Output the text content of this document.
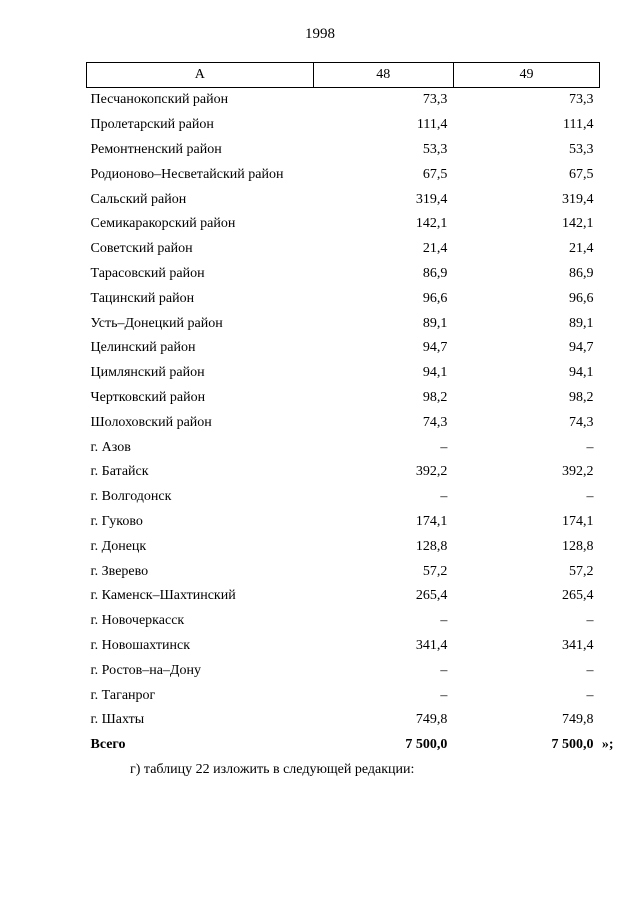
1998
А	48	49
Песчанокопский район	73,3	73,3
Пролетарский район	111,4	111,4
Ремонтненский район	53,3	53,3
Родионово–Несветайский район	67,5	67,5
Сальский район	319,4	319,4
Семикаракорский район	142,1	142,1
Советский район	21,4	21,4
Тарасовский район	86,9	86,9
Тацинский район	96,6	96,6
Усть–Донецкий район	89,1	89,1
Целинский район	94,7	94,7
Цимлянский район	94,1	94,1
Чертковский район	98,2	98,2
Шолоховский район	74,3	74,3
г. Азов	–	–
г. Батайск	392,2	392,2
г. Волгодонск	–	–
г. Гуково	174,1	174,1
г. Донецк	128,8	128,8
г. Зверево	57,2	57,2
г. Каменск–Шахтинский	265,4	265,4
г. Новочеркасск	–	–
г. Новошахтинск	341,4	341,4
г. Ростов–на–Дону	–	–
г. Таганрог	–	–
г. Шахты	749,8	749,8
Всего	7 500,0	7 500,0 »;
г) таблицу 22 изложить в следующей редакции:
